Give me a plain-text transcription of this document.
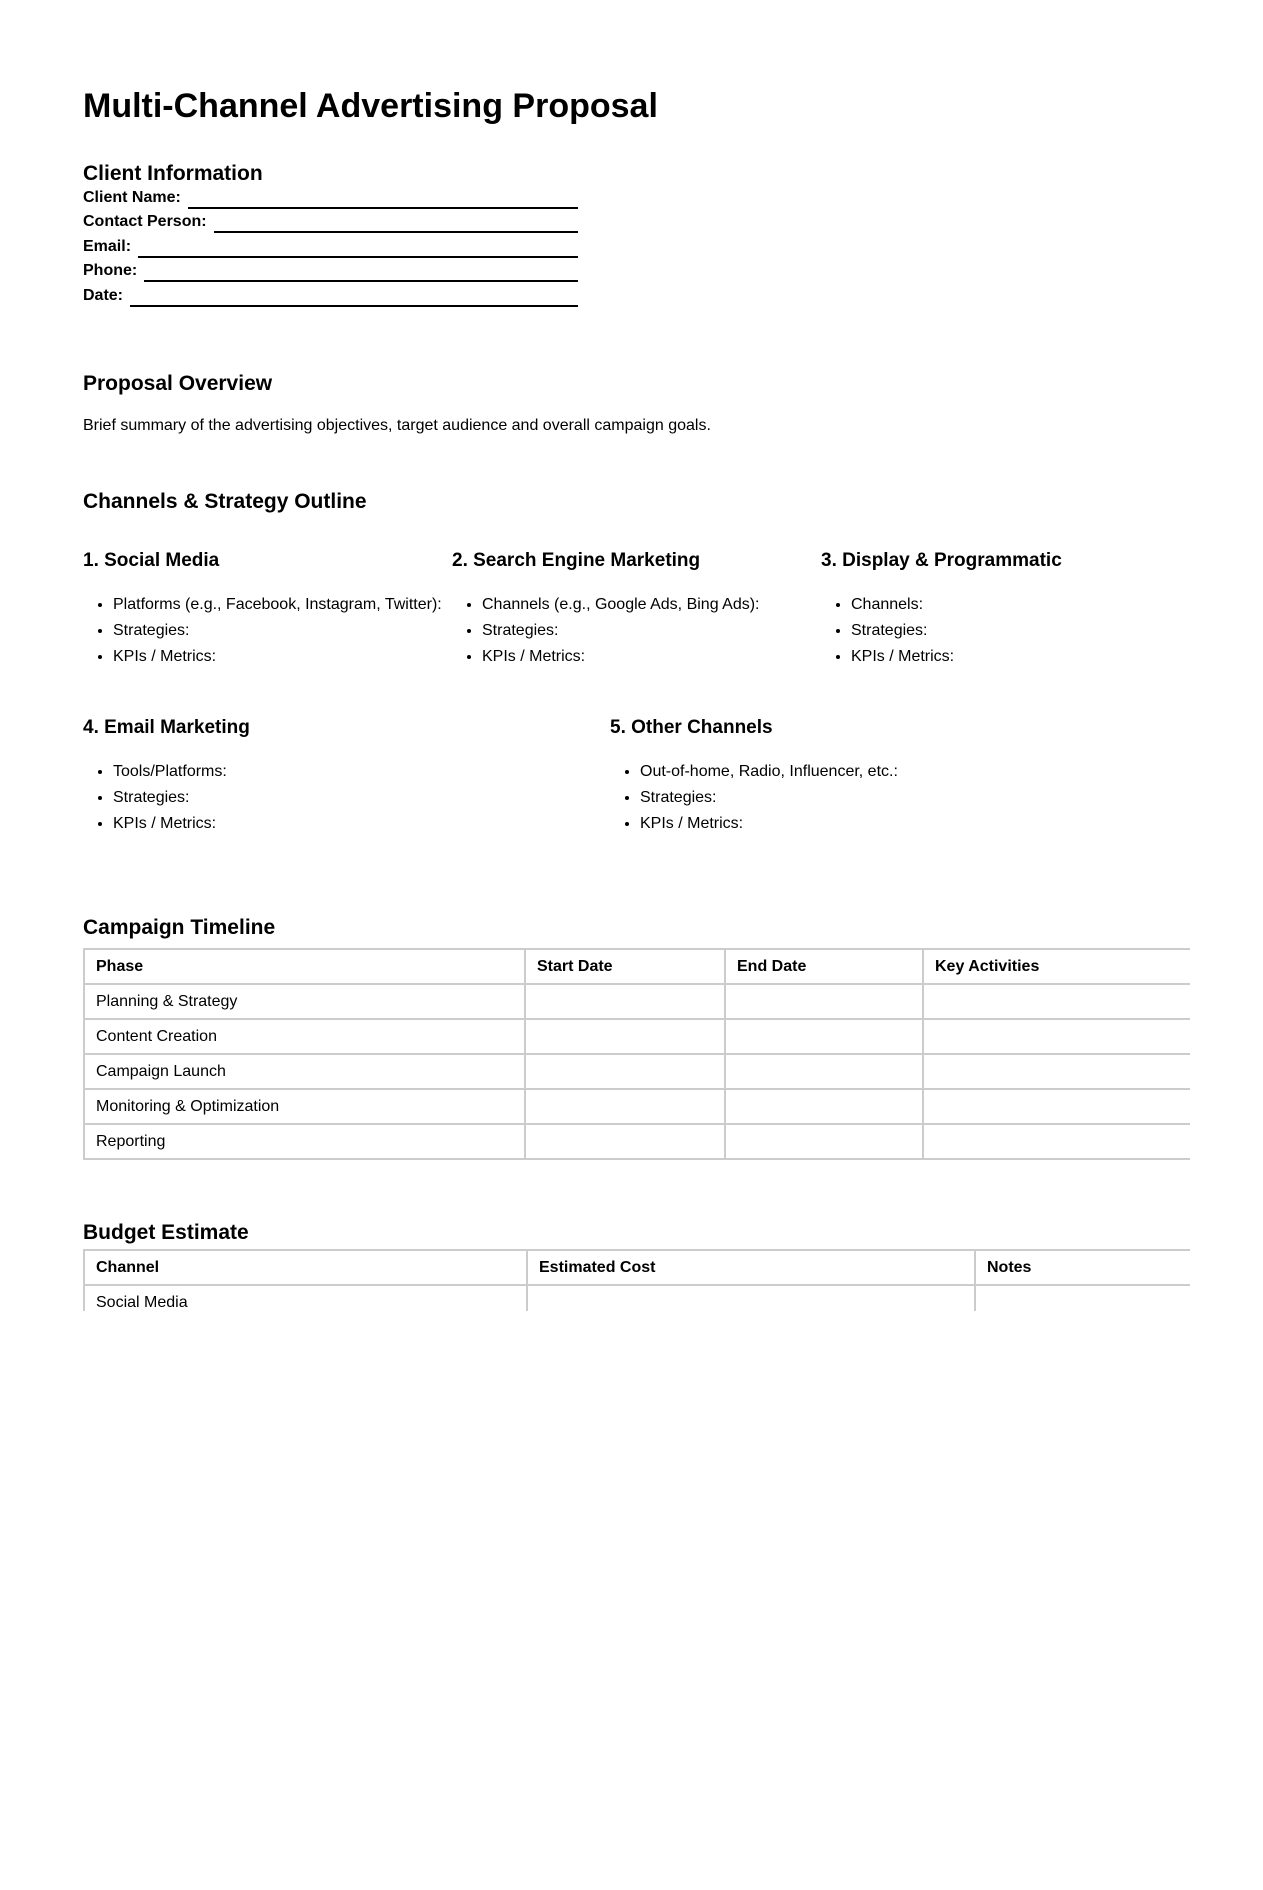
Multi-Channel Advertising Proposal
Client Information
Client Name:
Contact Person:
Email:
Phone:
Date:
Proposal Overview

Brief summary of the advertising objectives, target audience and overall campaign goals.

Channels & Strategy Outline
1. Social Media
• Platforms (e.g., Facebook, Instagram, Twitter):
• Strategies:
• KPIs / Metrics:
2. Search Engine Marketing
• Channels (e.g., Google Ads, Bing Ads):
• Strategies:
• KPIs / Metrics:
3. Display & Programmatic
• Channels:
• Strategies:
• KPIs / Metrics:
4. Email Marketing
• Tools/Platforms:
• Strategies:
• KPIs / Metrics:
5. Other Channels
• Out-of-home, Radio, Influencer, etc.:
• Strategies:
• KPIs / Metrics:
Campaign Timeline
Phase	Start Date	End Date	Key Activities
Planning & Strategy			
Content Creation			
Campaign Launch			
Monitoring & Optimization			
Reporting			
Budget Estimate
Channel	Estimated Cost	Notes
Social Media		
